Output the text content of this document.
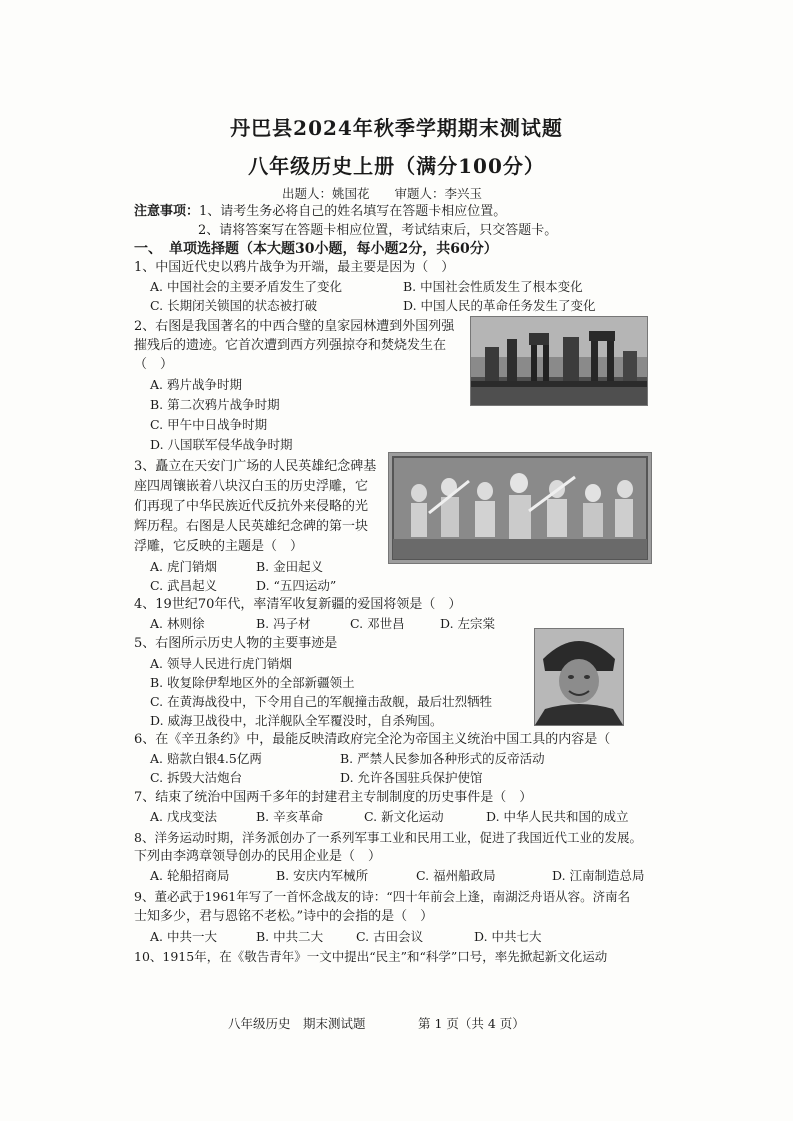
丹巴县2024年秋季学期期末测试题
八年级历史上册（满分100分）
出题人：姚国花　　审题人：李兴玉
注意事项：1、请考生务必将自己的姓名填写在答题卡相应位置。
2、请将答案写在答题卡相应位置，考试结束后，只交答题卡。
一、　单项选择题（本大题30小题，每小题2分，共60分）
1、中国近代史以鸦片战争为开端，最主要是因为（　）
A. 中国社会的主要矛盾发生了变化	B. 中国社会性质发生了根本变化
C. 长期闭关锁国的状态被打破	D. 中国人民的革命任务发生了变化
2、右图是我国著名的中西合璧的皇家园林遭到外国列强
摧残后的遗迹。它首次遭到西方列强掠夺和焚烧发生在
（　）
A. 鸦片战争时期
B. 第二次鸦片战争时期
C. 甲午中日战争时期
D. 八国联军侵华战争时期
3、矗立在天安门广场的人民英雄纪念碑基
座四周镶嵌着八块汉白玉的历史浮雕，它
们再现了中华民族近代反抗外来侵略的光
辉历程。右图是人民英雄纪念碑的第一块
浮雕，它反映的主题是（　）
A. 虎门销烟	B. 金田起义
C. 武昌起义	D. “五四运动”
4、19世纪70年代，率清军收复新疆的爱国将领是（　）
A. 林则徐	B. 冯子材	C. 邓世昌	D. 左宗棠
5、右图所示历史人物的主要事迹是
A. 领导人民进行虎门销烟
B. 收复除伊犁地区外的全部新疆领土
C. 在黄海战役中，下令用自己的军舰撞击敌舰，最后壮烈牺牲
D. 威海卫战役中，北洋舰队全军覆没时，自杀殉国。
6、在《辛丑条约》中，最能反映清政府完全沦为帝国主义统治中国工具的内容是（
A. 赔款白银4.5亿两	B. 严禁人民参加各种形式的反帝活动
C. 拆毁大沽炮台	D. 允许各国驻兵保护使馆
7、结束了统治中国两千多年的封建君主专制制度的历史事件是（　）
A. 戊戌变法	B. 辛亥革命	C. 新文化运动	D. 中华人民共和国的成立
8、洋务运动时期，洋务派创办了一系列军事工业和民用工业，促进了我国近代工业的发展。
下列由李鸿章领导创办的民用企业是（　）
A. 轮船招商局	B. 安庆内军械所	C. 福州船政局	D. 江南制造总局
9、董必武于1961年写了一首怀念战友的诗：“四十年前会上逢，南湖泛舟语从容。济南名
士知多少，君与恩铭不老松。”诗中的会指的是（　）
A. 中共一大	B. 中共二大	C. 古田会议	D. 中共七大
10、1915年，在《敬告青年》一文中提出“民主”和“科学”口号，率先掀起新文化运动
八年级历史　期末测试题	第 1 页（共 4 页）
